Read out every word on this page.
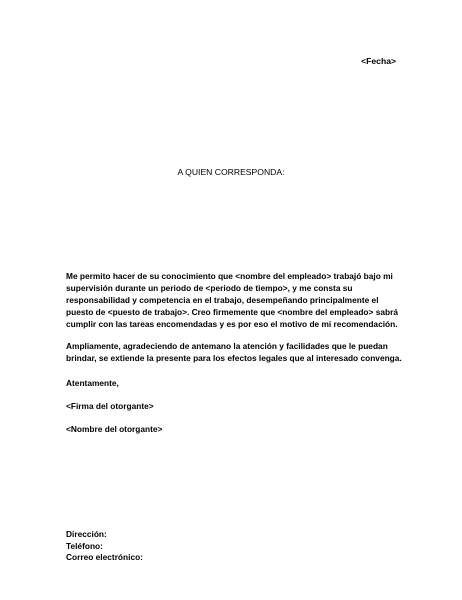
<Fecha>
A QUIEN CORRESPONDA:

Me permito hacer de su conocimiento que <nombre del empleado> trabajó bajo mi supervisión durante un periodo de <periodo de tiempo>, y me consta su responsabilidad y competencia en el trabajo, desempeñando principalmente el puesto de <puesto de trabajo>. Creo firmemente que <nombre del empleado> sabrá cumplir con las tareas encomendadas y es por eso el motivo de mi recomendación.

Ampliamente, agradeciendo de antemano la atención y facilidades que le puedan brindar, se extiende la presente para los efectos legales que al interesado convenga.

Atentamente,

<Firma del otorgante>

<Nombre del otorgante>

Dirección:
Teléfono:
Correo electrónico:
